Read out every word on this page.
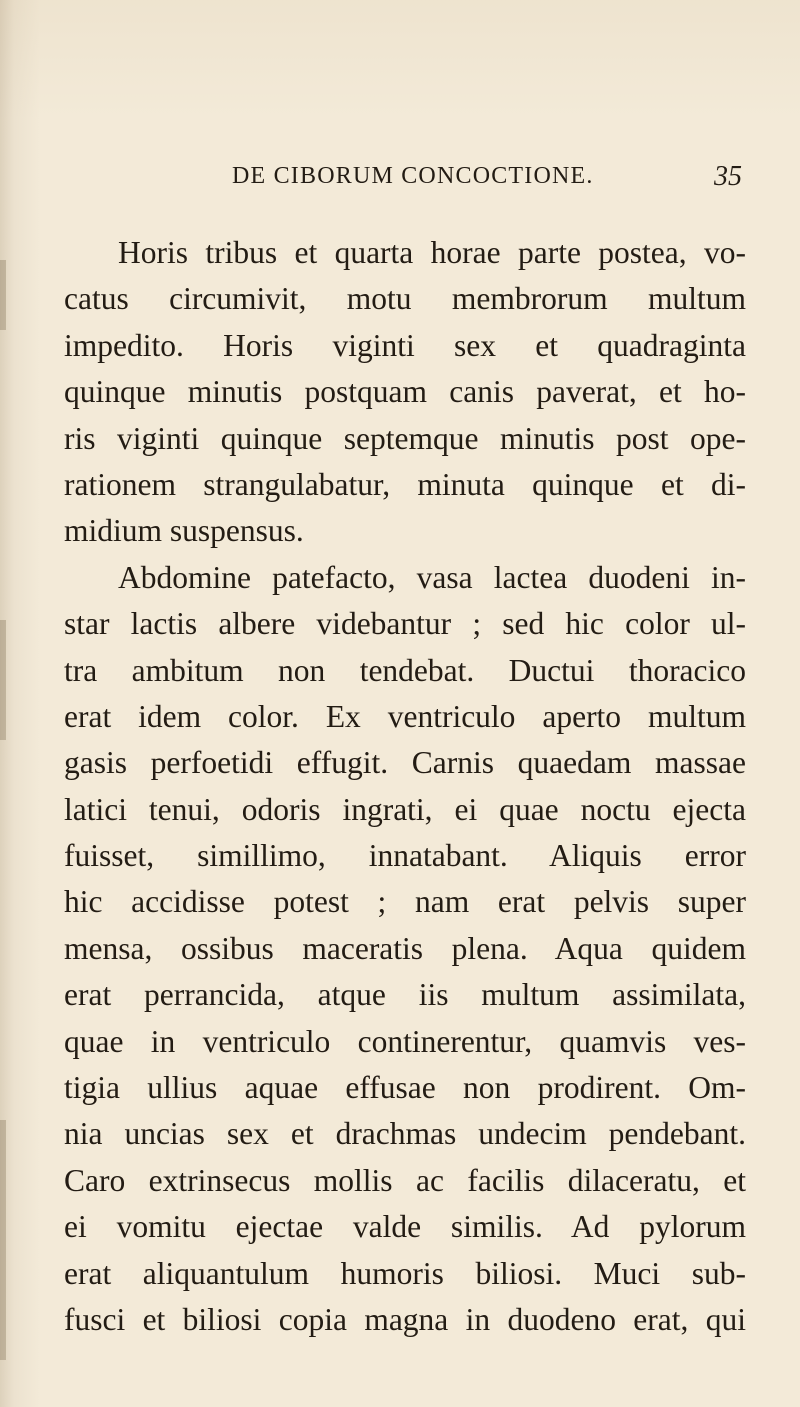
DE CIBORUM CONCOCTIONE.	35
Horis tribus et quarta horae parte postea, vo-
catus circumivit, motu membrorum multum
impedito. Horis viginti sex et quadraginta
quinque minutis postquam canis paverat, et ho-
ris viginti quinque septemque minutis post ope-
rationem strangulabatur, minuta quinque et di-
midium suspensus.
Abdomine patefacto, vasa lactea duodeni in-
star lactis albere videbantur ; sed hic color ul-
tra ambitum non tendebat. Ductui thoracico
erat idem color. Ex ventriculo aperto multum
gasis perfoetidi effugit. Carnis quaedam massae
latici tenui, odoris ingrati, ei quae noctu ejecta
fuisset, simillimo, innatabant. Aliquis error
hic accidisse potest ; nam erat pelvis super
mensa, ossibus maceratis plena. Aqua quidem
erat perrancida, atque iis multum assimilata,
quae in ventriculo continerentur, quamvis ves-
tigia ullius aquae effusae non prodirent. Om-
nia uncias sex et drachmas undecim pendebant.
Caro extrinsecus mollis ac facilis dilaceratu, et
ei vomitu ejectae valde similis. Ad pylorum
erat aliquantulum humoris biliosi. Muci sub-
fusci et biliosi copia magna in duodeno erat, qui
